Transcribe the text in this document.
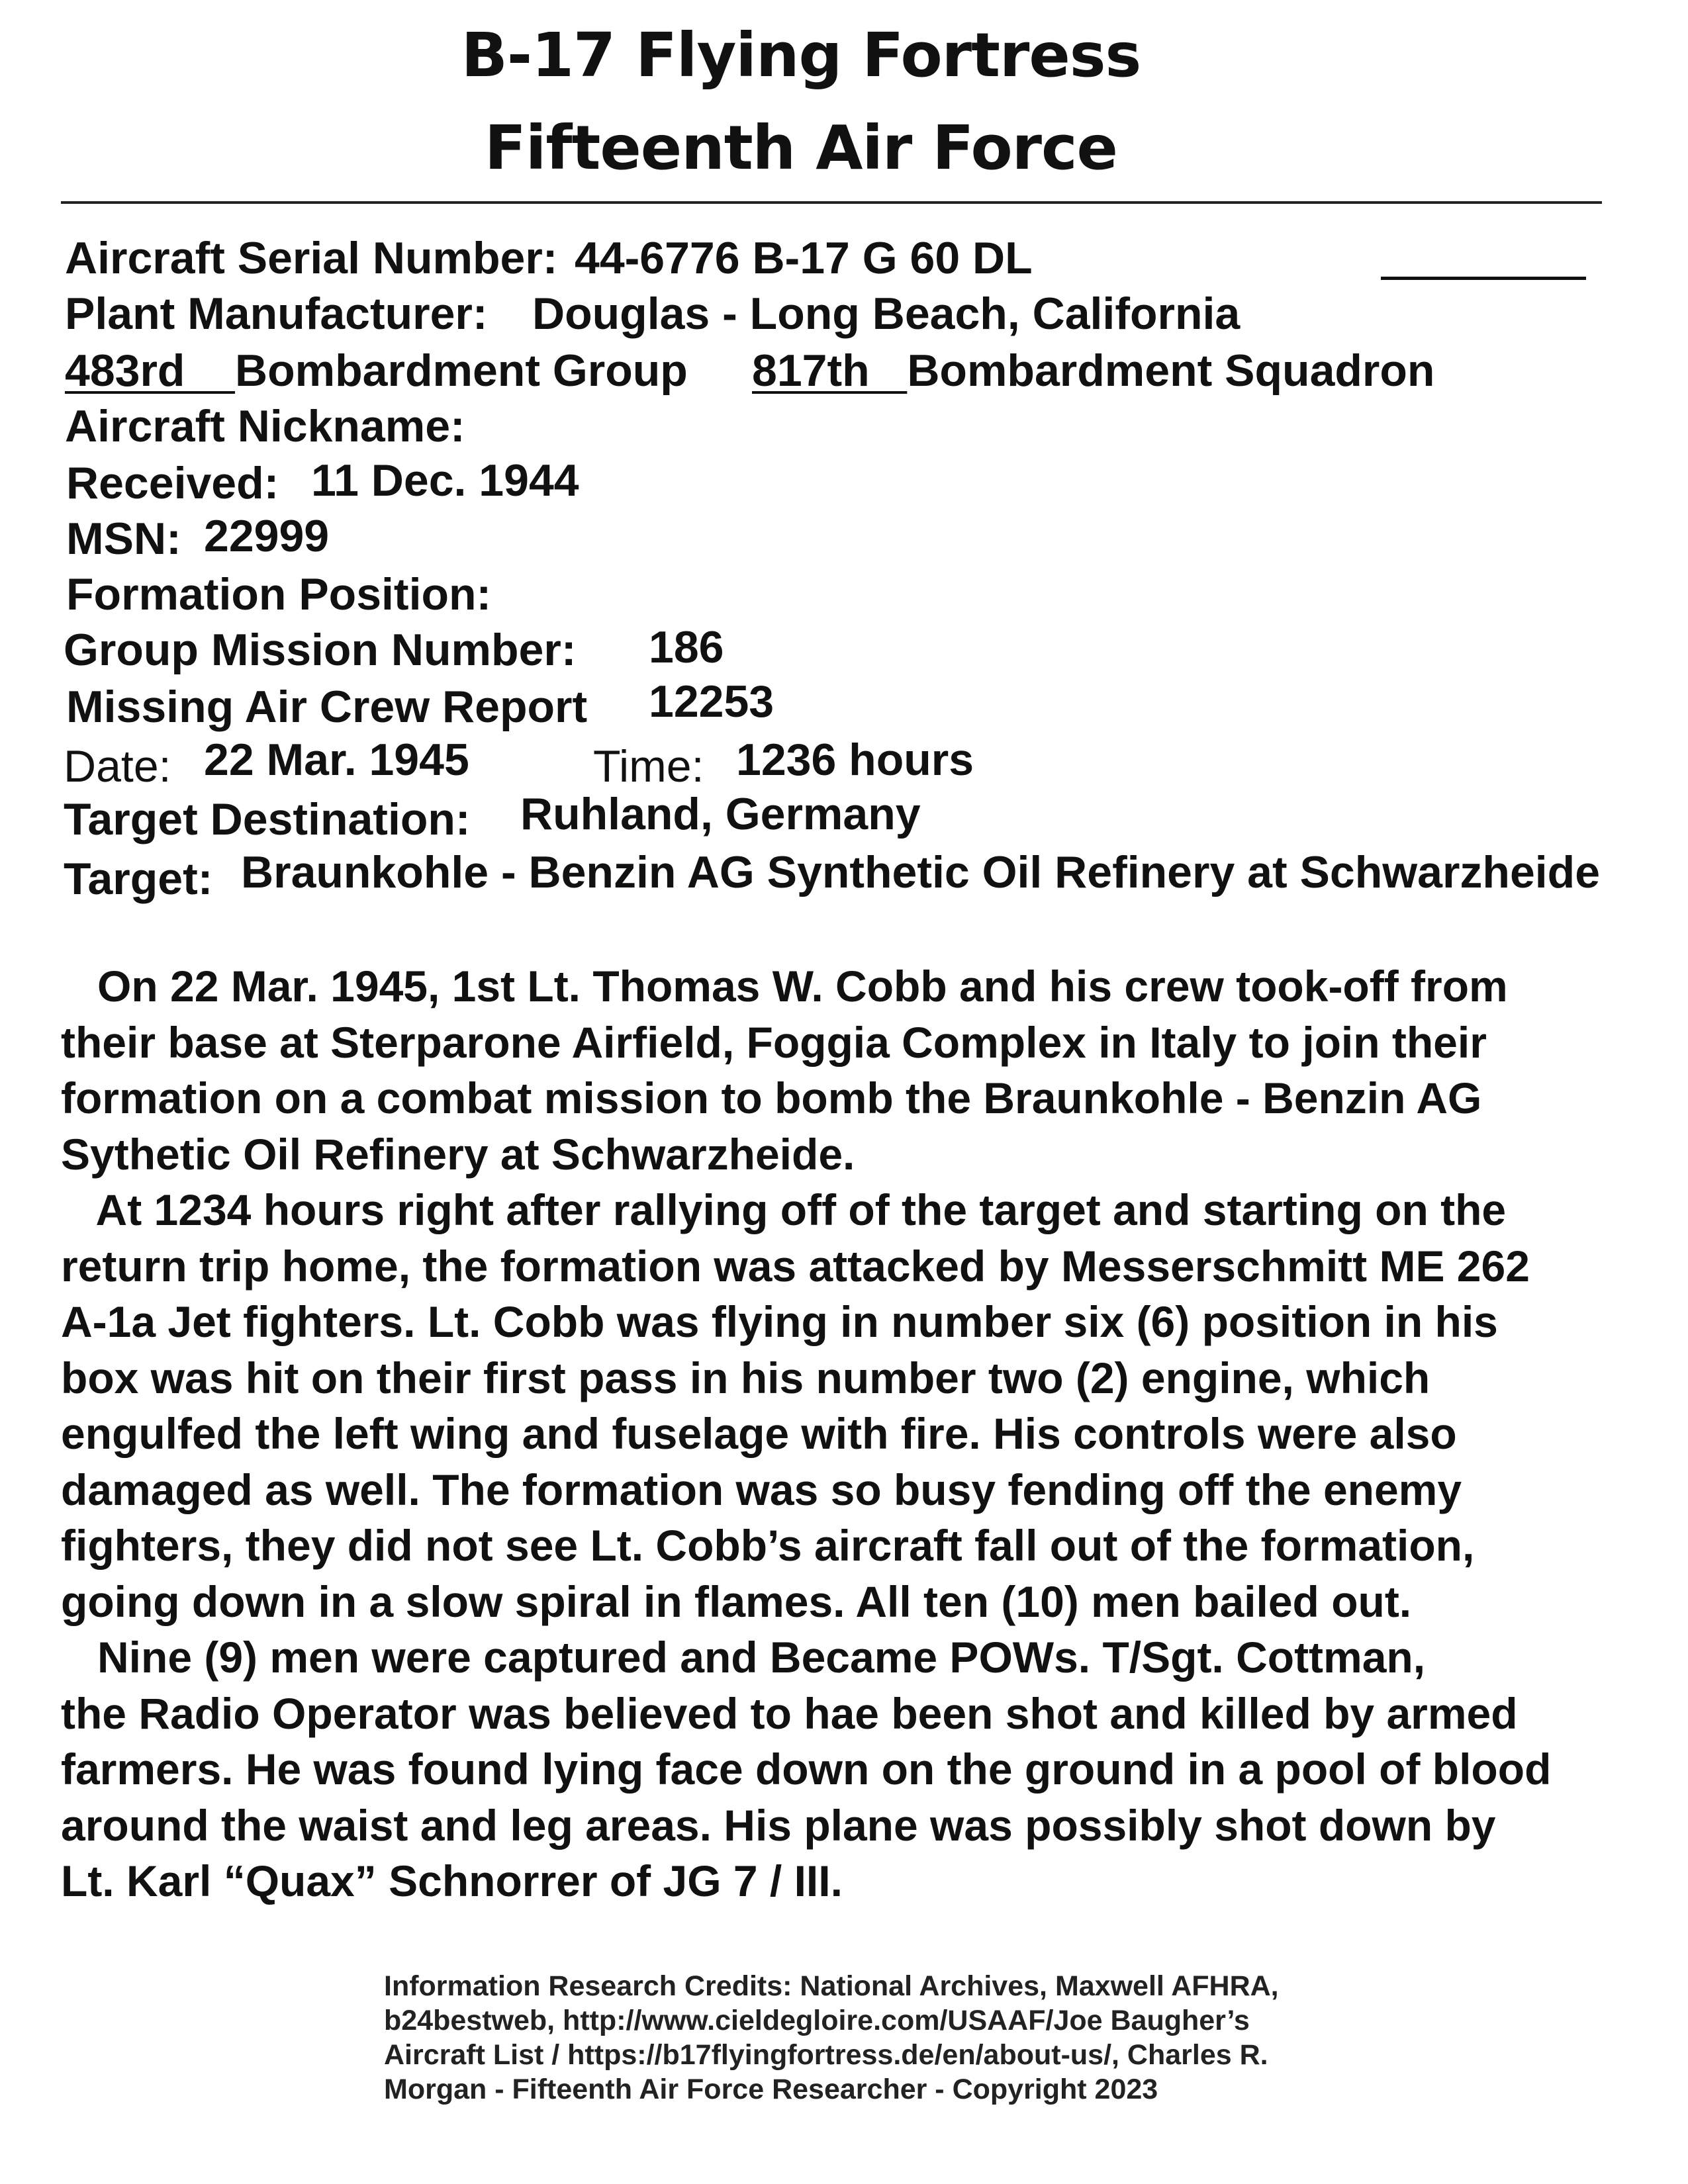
B-17 Flying Fortress
Fifteenth Air Force
Aircraft Serial Number: 44-6776 B-17 G 60 DL
Plant Manufacturer: Douglas - Long Beach, California
483rd    Bombardment Group 817th   Bombardment Squadron
Aircraft Nickname:
Received: 11 Dec. 1944
MSN: 22999
Formation Position:
Group Mission Number: 186
Missing Air Crew Report 12253
Date: 22 Mar. 1945	Time: 1236 hours
Target Destination: Ruhland, Germany
Target: Braunkohle - Benzin AG Synthetic Oil Refinery at Schwarzheide
On 22 Mar. 1945, 1st Lt. Thomas W. Cobb and his crew took-off from
their base at Sterparone Airfield, Foggia Complex in Italy to join their
formation on a combat mission to bomb the Braunkohle - Benzin AG
Sythetic Oil Refinery at Schwarzheide.
At 1234 hours right after rallying off of the target and starting on the
return trip home, the formation was attacked by Messerschmitt ME 262
A-1a Jet fighters. Lt. Cobb was flying in number six (6) position in his
box was hit on their first pass in his number two (2) engine, which
engulfed the left wing and fuselage with fire. His controls were also
damaged as well. The formation was so busy fending off the enemy
fighters, they did not see Lt. Cobb’s aircraft fall out of the formation,
going down in a slow spiral in flames. All ten (10) men bailed out.
Nine (9) men were captured and Became POWs. T/Sgt. Cottman,
the Radio Operator was believed to hae been shot and killed by armed
farmers. He was found lying face down on the ground in a pool of blood
around the waist and leg areas. His plane was possibly shot down by
Lt. Karl “Quax” Schnorrer of JG 7 / III.
Information Research Credits: National Archives, Maxwell AFHRA,
b24bestweb, http://www.cieldegloire.com/USAAF/Joe Baugher’s
Aircraft List / https://b17flyingfortress.de/en/about-us/, Charles R.
Morgan - Fifteenth Air Force Researcher - Copyright 2023
